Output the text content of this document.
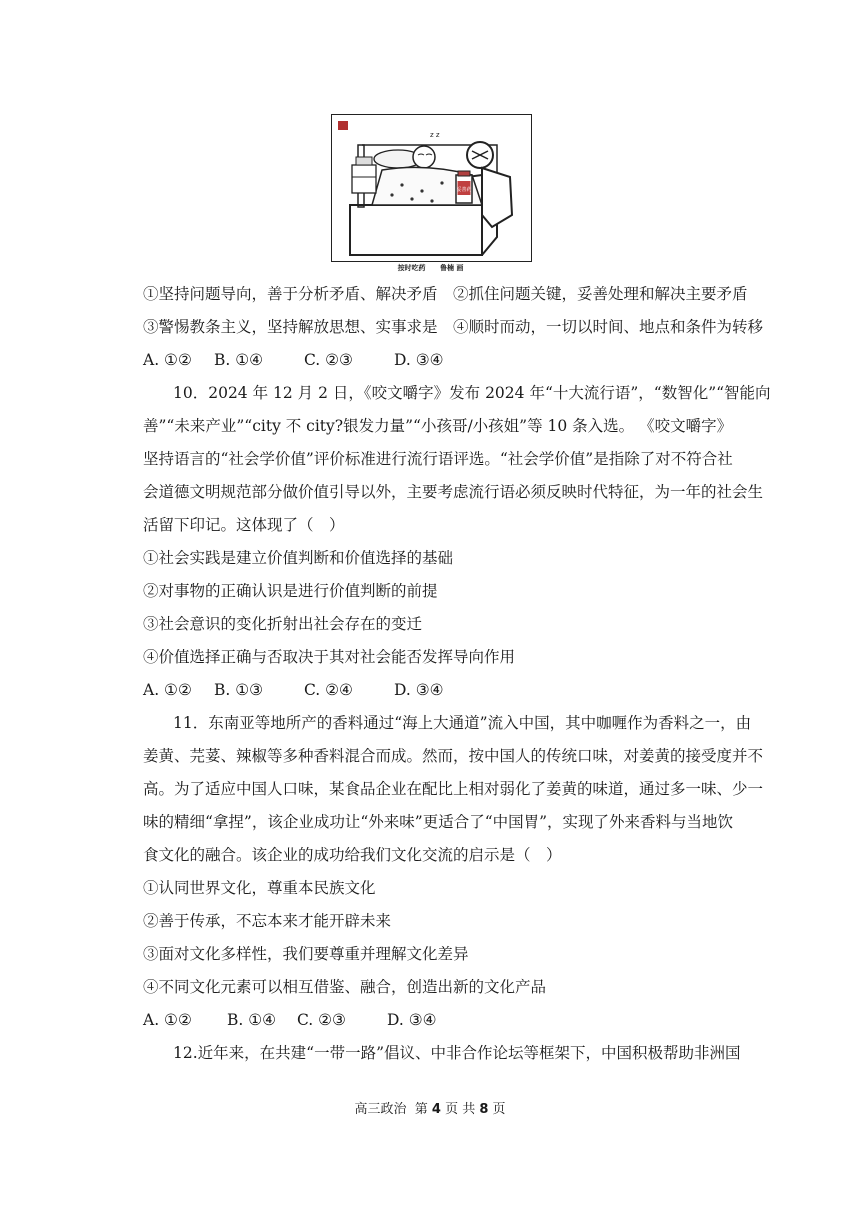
z z
妥善药
按时吃药 鲁楠 画
①坚持问题导向，善于分析矛盾、解决矛盾　②抓住问题关键，妥善处理和解决主要矛盾
③警惕教条主义，坚持解放思想、实事求是　④顺时而动，一切以时间、地点和条件为转移
A. ①② B. ①④	C. ②③	D. ③④
10．2024 年 12 月 2 日，《咬文嚼字》发布 2024 年“十大流行语”，“数智化”“智能向
善”“未来产业”“city 不 city?银发力量”“小孩哥/小孩姐”等 10 条入选。 《咬文嚼字》
坚持语言的“社会学价值”评价标准进行流行语评选。“社会学价值”是指除了对不符合社
会道德文明规范部分做价值引导以外，主要考虑流行语必须反映时代特征，为一年的社会生
活留下印记。这体现了（　）
①社会实践是建立价值判断和价值选择的基础
②对事物的正确认识是进行价值判断的前提
③社会意识的变化折射出社会存在的变迁
④价值选择正确与否取决于其对社会能否发挥导向作用
A. ①② B. ①③	C. ②④	D. ③④
11．东南亚等地所产的香料通过“海上大通道”流入中国，其中咖喱作为香料之一，由
姜黄、芫荽、辣椒等多种香料混合而成。然而，按中国人的传统口味，对姜黄的接受度并不
高。为了适应中国人口味，某食品企业在配比上相对弱化了姜黄的味道，通过多一味、少一
味的精细“拿捏”，该企业成功让“外来味”更适合了“中国胃”，实现了外来香料与当地饮
食文化的融合。该企业的成功给我们文化交流的启示是（　）
①认同世界文化，尊重本民族文化
②善于传承，不忘本来才能开辟未来
③面对文化多样性，我们要尊重并理解文化差异
④不同文化元素可以相互借鉴、融合，创造出新的文化产品
A. ①② B. ①④ C. ②③	D. ③④
12.近年来，在共建“一带一路”倡议、中非合作论坛等框架下，中国积极帮助非洲国
高三政治 第 4 页 共 8 页
